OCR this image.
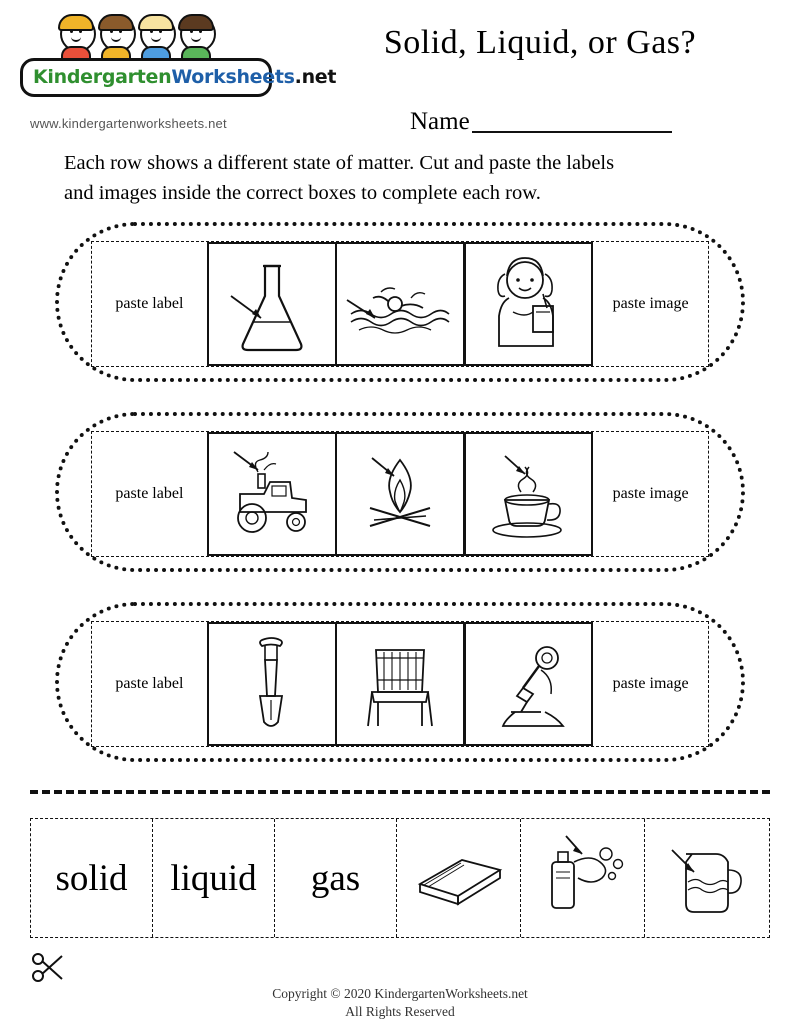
KindergartenWorksheets.net
www.kindergartenworksheets.net
Solid, Liquid, or Gas?
Name
Each row shows a different state of matter. Cut and paste the labels
and images inside the correct boxes to complete each row.
paste label	paste image
paste label	paste image
paste label	paste image
solid	liquid	gas
Copyright © 2020 KindergartenWorksheets.net
All Rights Reserved
